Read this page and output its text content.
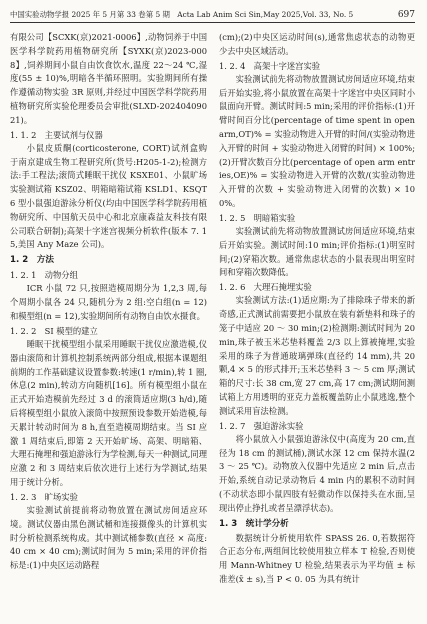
中国实验动物学报 2025 年 5 月第 33 卷第 5 期　Acta Lab Anim Sci Sin,May 2025,Vol. 33, No. 5	697

有限公司【SCXK(京)2021-0006】,动物饲养于中国医学科学院药用植物研究所【SYXK(京)2023-0008】,饲养期间小鼠自由饮食饮水,温度 22～24 ℃,湿度(55 ± 10)%,明暗各半循环照明。实验期间所有操作遵循动物实验 3R 原则,并经过中国医学科学院药用植物研究所实验伦理委员会审批(SLXD-20240409021)。

1. 1. 2　主要试剂与仪器

小鼠皮质酮(corticosterone, CORT)试剂盒购于南京建成生物工程研究所(货号:H205-1-2);检测方法:手工程法;滚筒式睡眠干扰仪 KSXE01、小鼠旷场实验测试箱 KSZ02、明箱暗箱试箱 KSLD1、KSQT6 型小鼠强迫游泳分析仪(均由中国医学科学院药用植物研究所、中国航天员中心和北京康森益友科技有限公司联合研制);高架十字迷宫视频分析软件(版本 7. 15,美国 Any Maze 公司)。

1. 2　方法
1. 2. 1　动物分组

ICR 小鼠 72 只,按照造模周期分为 1,2,3 周,每个周期小鼠各 24 只,随机分为 2 组:空白组(n = 12)和模型组(n = 12),实验期间所有动物自由饮水摄食。

1. 2. 2　SI 模型的建立

睡眠干扰模型组小鼠采用睡眠干扰仪应激造模,仪器由滚筒和计算机控制系统两部分组成,根据本课题组前期的工作基础建议设置参数:转速(1 r/min),转 1 圈,休息(2 min),转动方向随机[16]。所有模型组小鼠在正式开始造模前先经过 3 d 的滚筒适应期(3 h/d),随后将模型组小鼠放入滚筒中按照预设参数开始造模,每天累计转动时间为 8 h,直至造模周期结束。当 SI 应激 1 周结束后,即第 2 天开始旷场、高架、明暗箱、大理石掩埋和强迫游泳行为学检测,每天一种测试,同理应激 2 和 3 周结束后依次进行上述行为学测试,结果用于统计分析。

1. 2. 3　旷场实验

实验测试前提前将动物放置在测试房间适应环境。测试仪器由黑色测试桶和连接摄像头的计算机实时分析检测系统构成。其中测试桶参数(直径 × 高度:40 cm × 40 cm);测试时间为 5 min;采用的评价指标是:(1)中央区运动路程

(cm);(2)中央区运动时间(s),通常焦虑状态的动物更少去中央区域活动。

1. 2. 4　高架十字迷宫实验

实验测试前先将动物放置测试房间适应环境,结束后开始实验,将小鼠放置在高架十字迷宫中央区同时小鼠面向开臂。测试时间:5 min;采用的评价指标:(1)开臂时间百分比(percentage of time spent in open arm,OT)% = 实验动物进入开臂的时间/(实验动物进入开臂的时间 + 实验动物进入闭臂的时间) × 100%;(2)开臂次数百分比(percentage of open arm entries,OE)% = 实验动物进入开臂的次数/(实验动物进入开臂的次数 + 实验动物进入闭臂的次数) × 100%。

1. 2. 5　明暗箱实验

实验测试前先将动物放置测试房间适应环境,结束后开始实验。测试时间:10 min;评价指标:(1)明室时间;(2)穿箱次数。通常焦虑状态的小鼠表现出明室时间和穿箱次数降低。

1. 2. 6　大理石掩埋实验

实验测试方法:(1)适应期:为了排除珠子带来的新奇感,正式测试前需要把小鼠放在装有新垫料和珠子的笼子中适应 20 ～ 30 min;(2)检测期:测试时间为 20 min,珠子被玉米芯垫料覆盖 2/3 以上算被掩埋,实验采用的珠子为普通玻璃弹珠(直径约 14 mm),共 20 颗,4 × 5 的形式排开;玉米芯垫料 3 ～ 5 cm 厚;测试箱的尺寸:长 38 cm,宽 27 cm,高 17 cm;测试期间测试箱上方用透明的亚克力盖板覆盖防止小鼠逃逸,整个测试采用盲法检测。

1. 2. 7　强迫游泳实验

将小鼠放入小鼠强迫游泳仪中(高度为 20 cm,直径为 18 cm 的测试桶),测试水深 12 cm 保持水温(23 ～ 25 ℃)。动物放入仪器中先适应 2 min 后,点击开始,系统自动记录动物后 4 min 内的累积不动时间(不动状态即小鼠四肢有轻微动作以保持头在水面,呈现出停止挣扎或者呈漂浮状态)。

1. 3　统计学分析

数据统计分析使用软件 SPASS 26. 0,若数据符合正态分布,两组间比较使用独立样本 T 检验,否则使用 Mann-Whitney U 检验,结果表示为平均值 ± 标准差(x̄ ± s),当 P < 0. 05 为具有统计
